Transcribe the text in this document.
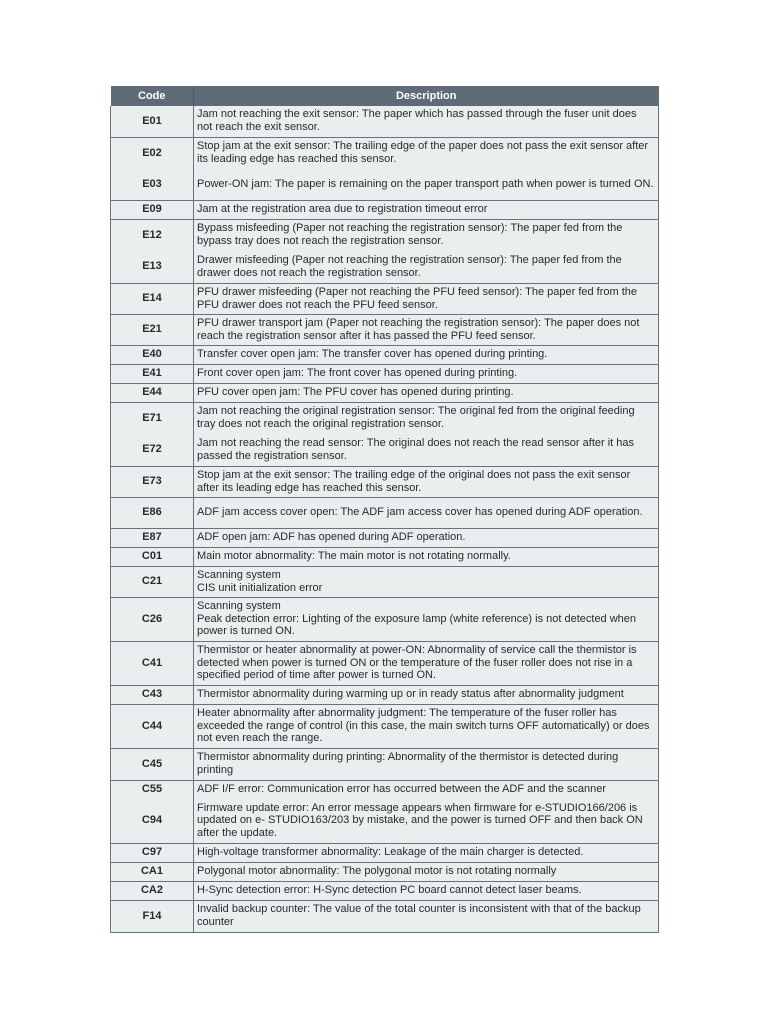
Code	Description
E01	Jam not reaching the exit sensor: The paper which has passed through the fuser unit does not reach the exit sensor.
E02	Stop jam at the exit sensor: The trailing edge of the paper does not pass the exit sensor after its leading edge has reached this sensor.
E03	Power-ON jam: The paper is remaining on the paper transport path when power is turned ON.
E09	Jam at the registration area due to registration timeout error
E12	Bypass misfeeding (Paper not reaching the registration sensor): The paper fed from the bypass tray does not reach the registration sensor.
E13	Drawer misfeeding (Paper not reaching the registration sensor): The paper fed from the drawer does not reach the registration sensor.
E14	PFU drawer misfeeding (Paper not reaching the PFU feed sensor): The paper fed from the PFU drawer does not reach the PFU feed sensor.
E21	PFU drawer transport jam (Paper not reaching the registration sensor): The paper does not reach the registration sensor after it has passed the PFU feed sensor.
E40	Transfer cover open jam: The transfer cover has opened during printing.
E41	Front cover open jam: The front cover has opened during printing.
E44	PFU cover open jam: The PFU cover has opened during printing.
E71	Jam not reaching the original registration sensor: The original fed from the original feeding tray does not reach the original registration sensor.
E72	Jam not reaching the read sensor: The original does not reach the read sensor after it has passed the registration sensor.
E73	Stop jam at the exit sensor: The trailing edge of the original does not pass the exit sensor after its leading edge has reached this sensor.
E86	ADF jam access cover open: The ADF jam access cover has opened during ADF operation.
E87	ADF open jam: ADF has opened during ADF operation.
C01	Main motor abnormality: The main motor is not rotating normally.
C21	Scanning system
CIS unit initialization error

C26	Scanning system
Peak detection error: Lighting of the exposure lamp (white reference) is not detected when power is turned ON.

C41	Thermistor or heater abnormality at power-ON: Abnormality of service call the thermistor is detected when power is turned ON or the temperature of the fuser roller does not rise in a specified period of time after power is turned ON.
C43	Thermistor abnormality during warming up or in ready status after abnormality judgment
C44	Heater abnormality after abnormality judgment: The temperature of the fuser roller has exceeded the range of control (in this case, the main switch turns OFF automatically) or does not even reach the range.
C45	Thermistor abnormality during printing: Abnormality of the thermistor is detected during printing
C55	ADF I/F error: Communication error has occurred between the ADF and the scanner
C94	Firmware update error: An error message appears when firmware for e-STUDIO166/206 is updated on e- STUDIO163/203 by mistake, and the power is turned OFF and then back ON after the update.
C97	High-voltage transformer abnormality: Leakage of the main charger is detected.
CA1	Polygonal motor abnormality: The polygonal motor is not rotating normally
CA2	H-Sync detection error: H-Sync detection PC board cannot detect laser beams.
F14	Invalid backup counter: The value of the total counter is inconsistent with that of the backup counter
